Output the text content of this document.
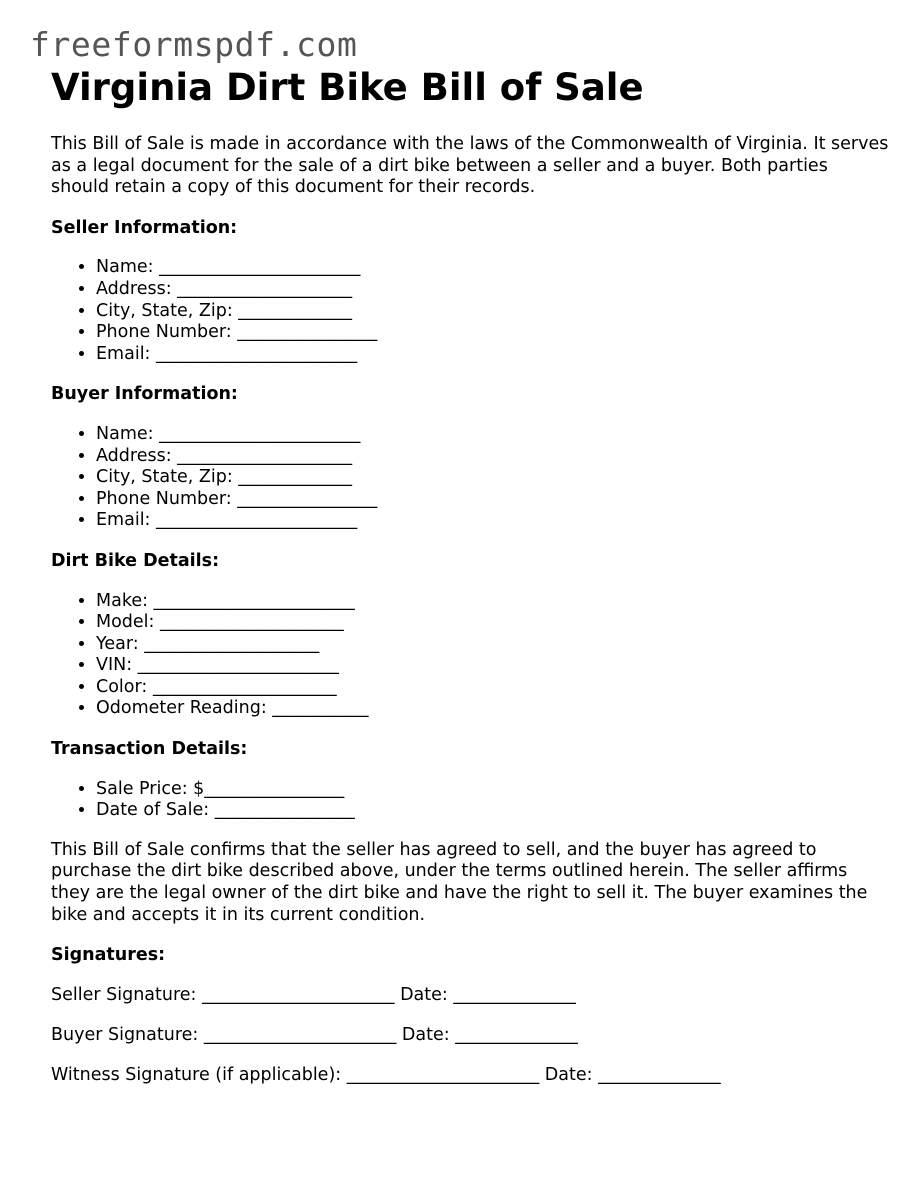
freeformspdf.com
Virginia Dirt Bike Bill of Sale

This Bill of Sale is made in accordance with the laws of the Commonwealth of Virginia. It serves as a legal document for the sale of a dirt bike between a seller and a buyer. Both parties should retain a copy of this document for their records.

Seller Information:
• Name: _______________________
• Address: ____________________
• City, State, Zip: _____________
• Phone Number: ________________
• Email: _______________________
Buyer Information:
• Name: _______________________
• Address: ____________________
• City, State, Zip: _____________
• Phone Number: ________________
• Email: _______________________
Dirt Bike Details:
• Make: _______________________
• Model: _____________________
• Year: ____________________
• VIN: _______________________
• Color: _____________________
• Odometer Reading: ___________
Transaction Details:
• Sale Price: $________________
• Date of Sale: ________________

This Bill of Sale confirms that the seller has agreed to sell, and the buyer has agreed to purchase the dirt bike described above, under the terms outlined herein. The seller affirms they are the legal owner of the dirt bike and have the right to sell it. The buyer examines the bike and accepts it in its current condition.

Signatures:
Seller Signature: ______________________ Date: ______________
Buyer Signature: ______________________ Date: ______________
Witness Signature (if applicable): ______________________ Date: ______________
